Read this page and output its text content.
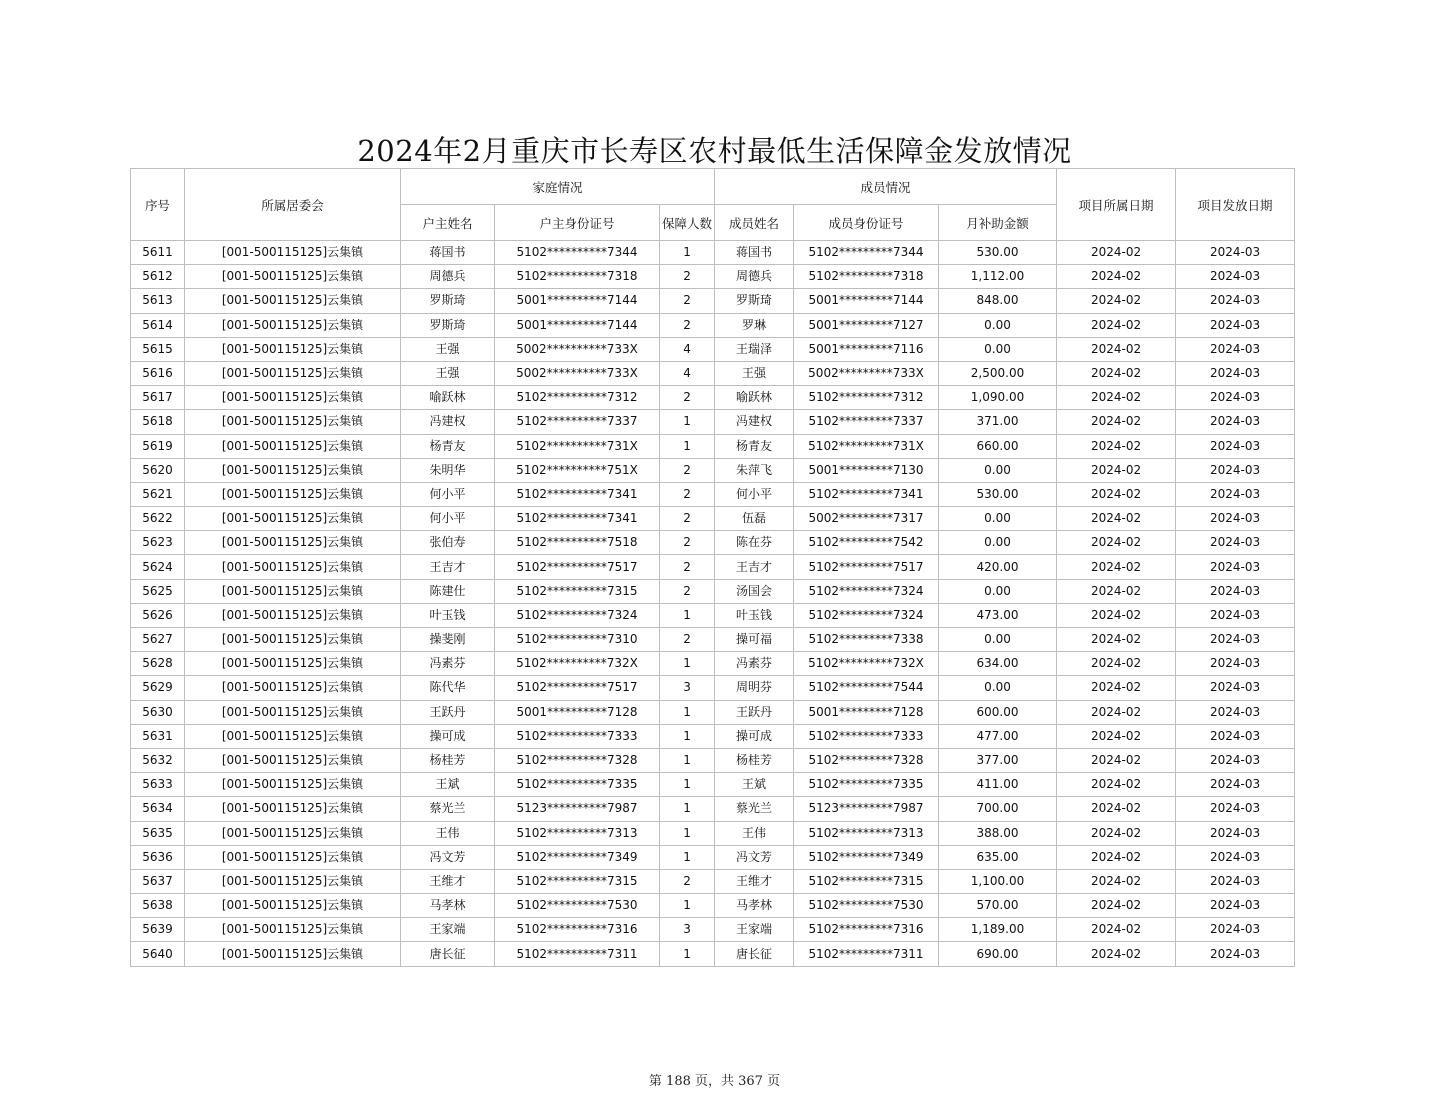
2024年2月重庆市长寿区农村最低生活保障金发放情况
序号	所属居委会	家庭情况			成员情况			项目所属日期	项目发放日期
		户主姓名	户主身份证号	保障人数	成员姓名	成员身份证号	月补助金额		
5611	[001-500115125]云集镇	蒋国书	5102**********7344	1	蒋国书	5102*********7344	530.00	2024-02	2024-03
5612	[001-500115125]云集镇	周德兵	5102**********7318	2	周德兵	5102*********7318	1,112.00	2024-02	2024-03
5613	[001-500115125]云集镇	罗斯琦	5001**********7144	2	罗斯琦	5001*********7144	848.00	2024-02	2024-03
5614	[001-500115125]云集镇	罗斯琦	5001**********7144	2	罗琳	5001*********7127	0.00	2024-02	2024-03
5615	[001-500115125]云集镇	王强	5002**********733X	4	王瑞泽	5001*********7116	0.00	2024-02	2024-03
5616	[001-500115125]云集镇	王强	5002**********733X	4	王强	5002*********733X	2,500.00	2024-02	2024-03
5617	[001-500115125]云集镇	喻跃林	5102**********7312	2	喻跃林	5102*********7312	1,090.00	2024-02	2024-03
5618	[001-500115125]云集镇	冯建权	5102**********7337	1	冯建权	5102*********7337	371.00	2024-02	2024-03
5619	[001-500115125]云集镇	杨青友	5102**********731X	1	杨青友	5102*********731X	660.00	2024-02	2024-03
5620	[001-500115125]云集镇	朱明华	5102**********751X	2	朱萍飞	5001*********7130	0.00	2024-02	2024-03
5621	[001-500115125]云集镇	何小平	5102**********7341	2	何小平	5102*********7341	530.00	2024-02	2024-03
5622	[001-500115125]云集镇	何小平	5102**********7341	2	伍磊	5002*********7317	0.00	2024-02	2024-03
5623	[001-500115125]云集镇	张伯寿	5102**********7518	2	陈在芬	5102*********7542	0.00	2024-02	2024-03
5624	[001-500115125]云集镇	王吉才	5102**********7517	2	王吉才	5102*********7517	420.00	2024-02	2024-03
5625	[001-500115125]云集镇	陈建仕	5102**********7315	2	汤国会	5102*********7324	0.00	2024-02	2024-03
5626	[001-500115125]云集镇	叶玉钱	5102**********7324	1	叶玉钱	5102*********7324	473.00	2024-02	2024-03
5627	[001-500115125]云集镇	操斐刚	5102**********7310	2	操可福	5102*********7338	0.00	2024-02	2024-03
5628	[001-500115125]云集镇	冯素芬	5102**********732X	1	冯素芬	5102*********732X	634.00	2024-02	2024-03
5629	[001-500115125]云集镇	陈代华	5102**********7517	3	周明芬	5102*********7544	0.00	2024-02	2024-03
5630	[001-500115125]云集镇	王跃丹	5001**********7128	1	王跃丹	5001*********7128	600.00	2024-02	2024-03
5631	[001-500115125]云集镇	操可成	5102**********7333	1	操可成	5102*********7333	477.00	2024-02	2024-03
5632	[001-500115125]云集镇	杨桂芳	5102**********7328	1	杨桂芳	5102*********7328	377.00	2024-02	2024-03
5633	[001-500115125]云集镇	王斌	5102**********7335	1	王斌	5102*********7335	411.00	2024-02	2024-03
5634	[001-500115125]云集镇	蔡光兰	5123**********7987	1	蔡光兰	5123*********7987	700.00	2024-02	2024-03
5635	[001-500115125]云集镇	王伟	5102**********7313	1	王伟	5102*********7313	388.00	2024-02	2024-03
5636	[001-500115125]云集镇	冯文芳	5102**********7349	1	冯文芳	5102*********7349	635.00	2024-02	2024-03
5637	[001-500115125]云集镇	王维才	5102**********7315	2	王维才	5102*********7315	1,100.00	2024-02	2024-03
5638	[001-500115125]云集镇	马孝林	5102**********7530	1	马孝林	5102*********7530	570.00	2024-02	2024-03
5639	[001-500115125]云集镇	王家端	5102**********7316	3	王家端	5102*********7316	1,189.00	2024-02	2024-03
5640	[001-500115125]云集镇	唐长征	5102**********7311	1	唐长征	5102*********7311	690.00	2024-02	2024-03
第 188 页，共 367 页
